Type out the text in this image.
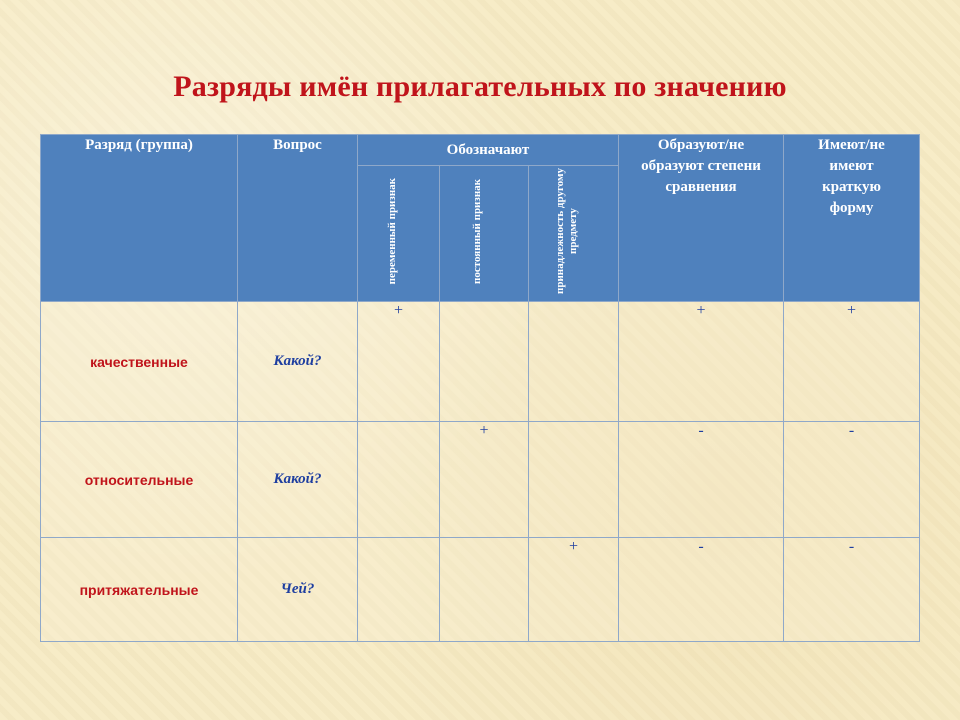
Разряды имён прилагательных по значению
Разряд (группа)	Вопрос	Обозначают			Образуют/не образуют степени сравнения	Имеют/не имеют краткую форму
		переменный признак	постоянный признак	принадлежность другому предмету		
качественные	Какой?	+			+	+
относительные	Какой?		+		-	-
притяжательные	Чей?			+	-	-
